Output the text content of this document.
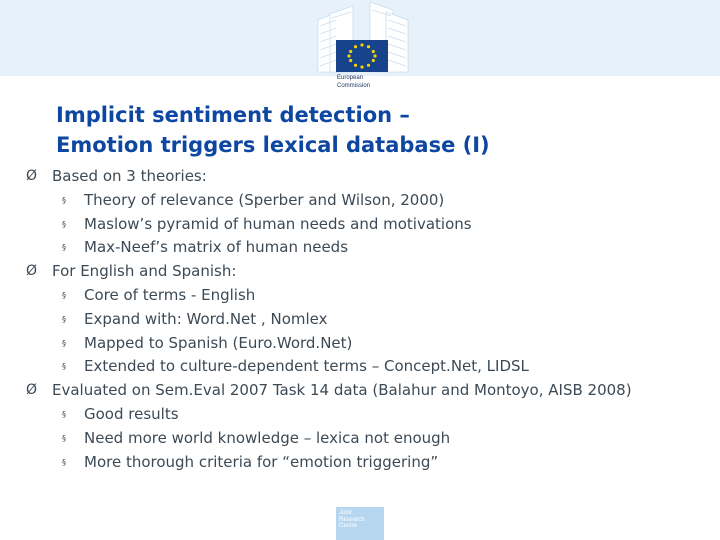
European
Commission
Implicit sentiment detection –
Emotion triggers lexical database (I)
Ø Based on 3 theories:
§ Theory of relevance (Sperber and Wilson, 2000)
§ Maslow’s pyramid of human needs and motivations
§ Max-Neef’s matrix of human needs
Ø For English and Spanish:
§ Core of terms - English
§ Expand with: Word.Net , Nomlex
§ Mapped to Spanish (Euro.Word.Net)
§ Extended to culture-dependent terms – Concept.Net, LIDSL
Ø Evaluated on Sem.Eval 2007 Task 14 data (Balahur and Montoyo, AISB 2008)
§ Good results
§ Need more world knowledge – lexica not enough
§ More thorough criteria for “emotion triggering”
Joint
Research
Centre
